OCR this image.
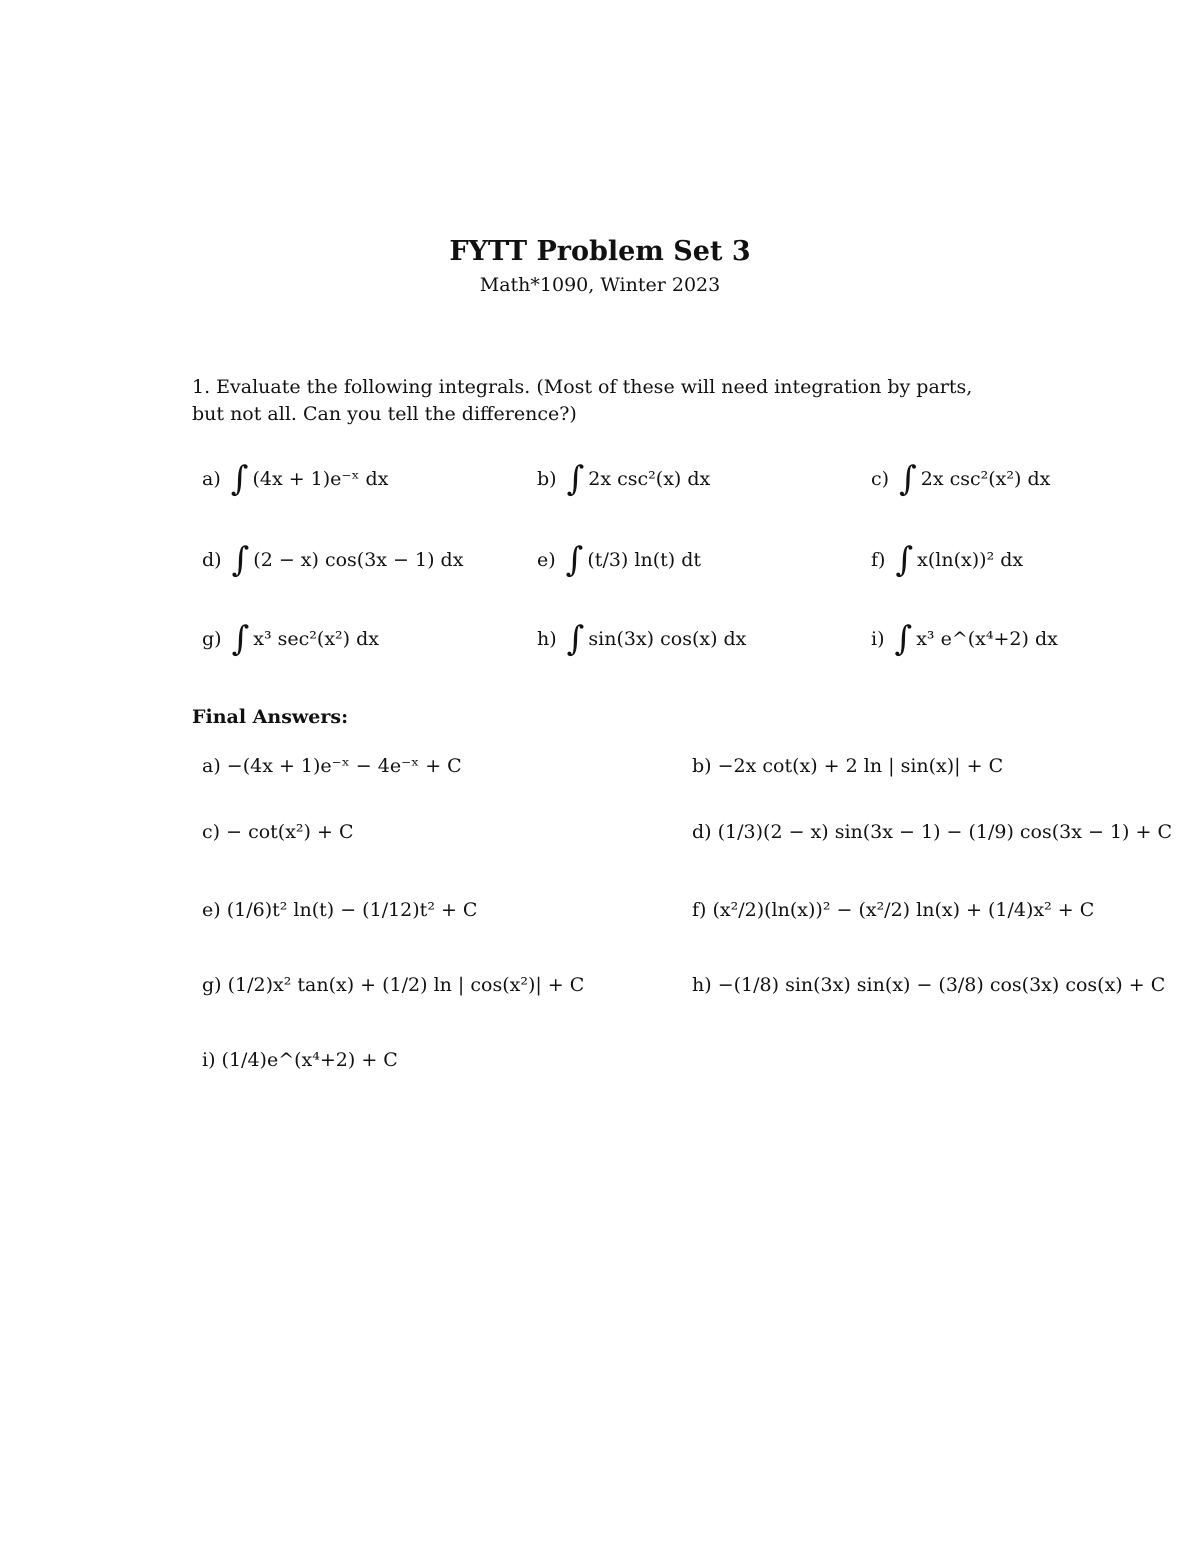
FYTT Problem Set 3
Math*1090, Winter 2023
1. Evaluate the following integrals. (Most of these will need integration by parts,
but not all. Can you tell the difference?)
a) ∫ (4x + 1)e⁻ˣ dx	b) ∫ 2x csc²(x) dx	c) ∫ 2x csc²(x²) dx
d) ∫ (2 − x) cos(3x − 1) dx	e) ∫ (t/3) ln(t) dt	f) ∫ x(ln(x))² dx
g) ∫ x³ sec²(x²) dx	h) ∫ sin(3x) cos(x) dx	i) ∫ x³ e^(x⁴+2) dx
Final Answers:
a) −(4x + 1)e⁻ˣ − 4e⁻ˣ + C	b) −2x cot(x) + 2 ln | sin(x)| + C
c) − cot(x²) + C	d) (1/3)(2 − x) sin(3x − 1) − (1/9) cos(3x − 1) + C
e) (1/6)t² ln(t) − (1/12)t² + C	f) (x²/2)(ln(x))² − (x²/2) ln(x) + (1/4)x² + C
g) (1/2)x² tan(x) + (1/2) ln | cos(x²)| + C	h) −(1/8) sin(3x) sin(x) − (3/8) cos(3x) cos(x) + C
i) (1/4)e^(x⁴+2) + C
